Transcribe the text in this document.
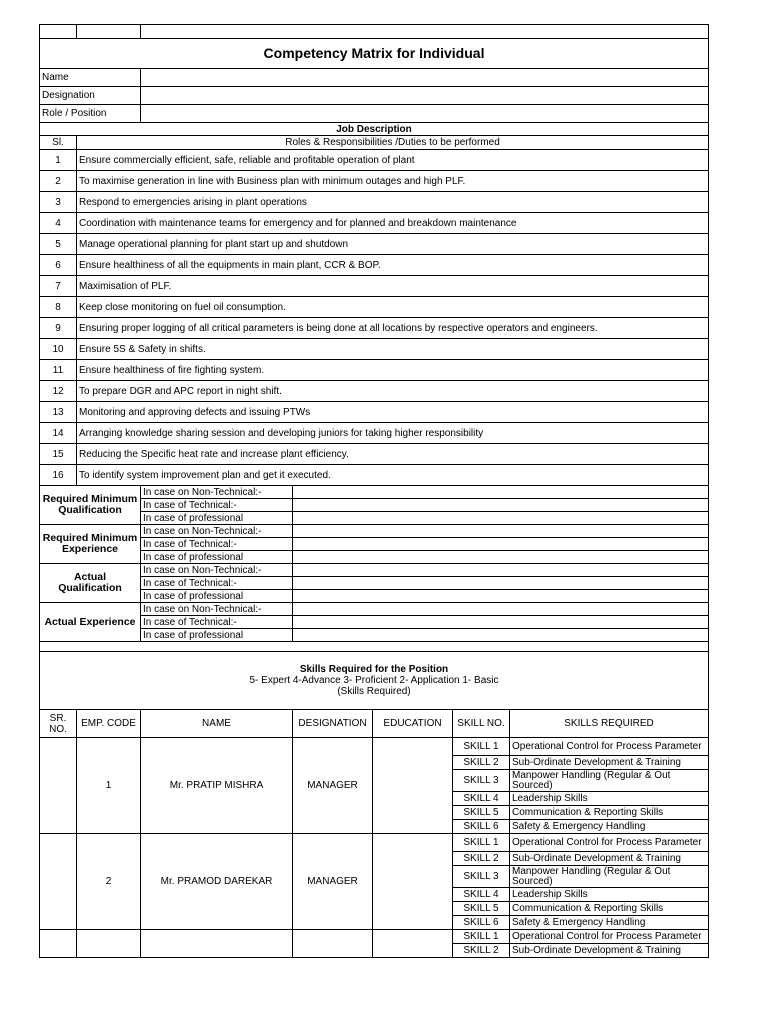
Competency Matrix for Individual						
Name						
Designation						
Role / Position						
Job Description						
Sl.	Roles & Responsibilities /Duties to be performed					
1	Ensure commercially efficient, safe, reliable and profitable operation of plant					
2	To maximise generation in line with Business plan with minimum outages and high PLF.					
3	Respond to emergencies arising in plant operations					
4	Coordination with maintenance teams for emergency and for planned and breakdown maintenance					
5	Manage operational planning for plant start up and shutdown					
6	Ensure healthiness of all the equipments in main plant, CCR & BOP.					
7	Maximisation of PLF.					
8	Keep close monitoring on fuel oil consumption.					
9	Ensuring proper logging of all critical parameters is being done at all locations by respective operators and engineers.					
10	Ensure 5S & Safety in shifts.					
11	Ensure healthiness of fire fighting system.					
12	To prepare DGR and APC report in night shift.					
13	Monitoring and approving defects and issuing PTWs					
14	Arranging knowledge sharing session and developing juniors for taking higher responsibility					
15	Reducing the Specific heat rate and increase plant efficiency.					
16	To identify system improvement plan and get it executed.					
Required Minimum Qualification		In case on Non-Technical:-				
		In case of Technical:-				
		In case of professional				
Required Minimum Experience		In case on Non-Technical:-				
		In case of Technical:-				
		In case of professional				
Actual Qualification		In case on Non-Technical:-				
		In case of Technical:-				
		In case of professional				
Actual Experience		In case on Non-Technical:-				
		In case of Technical:-				
		In case of professional				

Skills Required for the Position
5- Expert 4-Advance 3- Proficient 2- Application 1- Basic
(Skills Required)						

SR. NO.	EMP. CODE	NAME	DESIGNATION	EDUCATION	SKILL NO.	SKILLS REQUIRED
	1	Mr. PRATIP MISHRA	MANAGER		SKILL 1	Operational Control for Process Parameter
					SKILL 2	Sub-Ordinate Development & Training
					SKILL 3	Manpower Handling (Regular & Out Sourced)
					SKILL 4	Leadership Skills
					SKILL 5	Communication & Reporting Skills
					SKILL 6	Safety & Emergency Handling
	2	Mr. PRAMOD DAREKAR	MANAGER		SKILL 1	Operational Control for Process Parameter
					SKILL 2	Sub-Ordinate Development & Training
					SKILL 3	Manpower Handling (Regular & Out Sourced)
					SKILL 4	Leadership Skills
					SKILL 5	Communication & Reporting Skills
					SKILL 6	Safety & Emergency Handling
					SKILL 1	Operational Control for Process Parameter
					SKILL 2	Sub-Ordinate Development & Training
